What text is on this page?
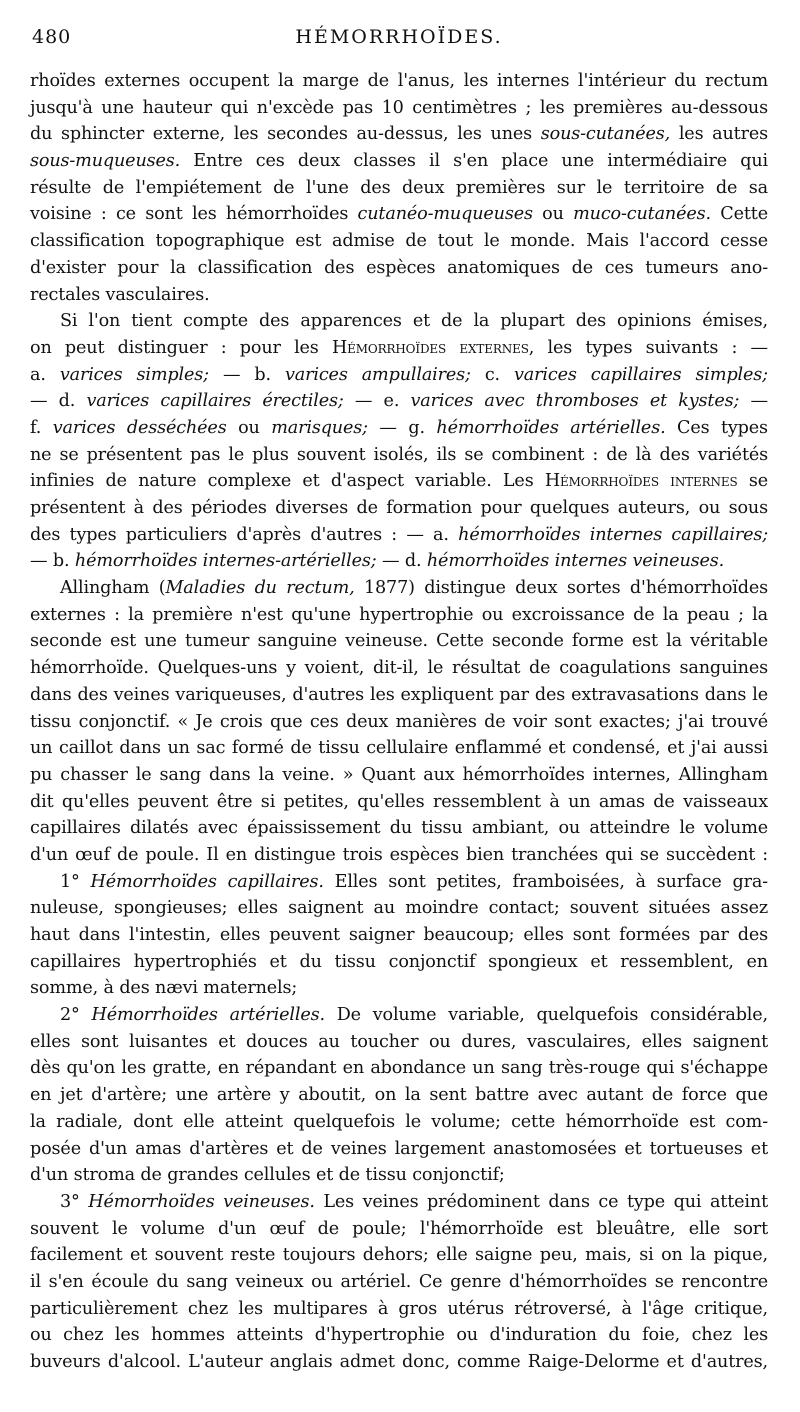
480	HÉMORRHOÏDES.
rhoïdes externes occupent la marge de l'anus, les internes l'intérieur du rectum
jusqu'à une hauteur qui n'excède pas 10 centimètres ; les premières au-dessous
du sphincter externe, les secondes au-dessus, les unes sous-cutanées, les autres
sous-muqueuses. Entre ces deux classes il s'en place une intermédiaire qui
résulte de l'empiétement de l'une des deux premières sur le territoire de sa
voisine : ce sont les hémorrhoïdes cutanéo-muqueuses ou muco-cutanées. Cette
classification topographique est admise de tout le monde. Mais l'accord cesse
d'exister pour la classification des espèces anatomiques de ces tumeurs ano-
rectales vasculaires.
Si l'on tient compte des apparences et de la plupart des opinions émises,
on peut distinguer : pour les Hémorrhoïdes externes, les types suivants : —
a. varices simples; — b. varices ampullaires; c. varices capillaires simples;
— d. varices capillaires érectiles; — e. varices avec thromboses et kystes; —
f. varices desséchées ou marisques; — g. hémorrhoïdes artérielles. Ces types
ne se présentent pas le plus souvent isolés, ils se combinent : de là des variétés
infinies de nature complexe et d'aspect variable. Les Hémorrhoïdes internes se
présentent à des périodes diverses de formation pour quelques auteurs, ou sous
des types particuliers d'après d'autres : — a. hémorrhoïdes internes capillaires;
— b. hémorrhoïdes internes-artérielles; — d. hémorrhoïdes internes veineuses.
Allingham (Maladies du rectum, 1877) distingue deux sortes d'hémorrhoïdes
externes : la première n'est qu'une hypertrophie ou excroissance de la peau ; la
seconde est une tumeur sanguine veineuse. Cette seconde forme est la véritable
hémorrhoïde. Quelques-uns y voient, dit-il, le résultat de coagulations sanguines
dans des veines variqueuses, d'autres les expliquent par des extravasations dans le
tissu conjonctif. « Je crois que ces deux manières de voir sont exactes; j'ai trouvé
un caillot dans un sac formé de tissu cellulaire enflammé et condensé, et j'ai aussi
pu chasser le sang dans la veine. » Quant aux hémorrhoïdes internes, Allingham
dit qu'elles peuvent être si petites, qu'elles ressemblent à un amas de vaisseaux
capillaires dilatés avec épaississement du tissu ambiant, ou atteindre le volume
d'un œuf de poule. Il en distingue trois espèces bien tranchées qui se succèdent :
1° Hémorrhoïdes capillaires. Elles sont petites, framboisées, à surface gra-
nuleuse, spongieuses; elles saignent au moindre contact; souvent situées assez
haut dans l'intestin, elles peuvent saigner beaucoup; elles sont formées par des
capillaires hypertrophiés et du tissu conjonctif spongieux et ressemblent, en
somme, à des nævi maternels;
2° Hémorrhoïdes artérielles. De volume variable, quelquefois considérable,
elles sont luisantes et douces au toucher ou dures, vasculaires, elles saignent
dès qu'on les gratte, en répandant en abondance un sang très-rouge qui s'échappe
en jet d'artère; une artère y aboutit, on la sent battre avec autant de force que
la radiale, dont elle atteint quelquefois le volume; cette hémorrhoïde est com-
posée d'un amas d'artères et de veines largement anastomosées et tortueuses et
d'un stroma de grandes cellules et de tissu conjonctif;
3° Hémorrhoïdes veineuses. Les veines prédominent dans ce type qui atteint
souvent le volume d'un œuf de poule; l'hémorrhoïde est bleuâtre, elle sort
facilement et souvent reste toujours dehors; elle saigne peu, mais, si on la pique,
il s'en écoule du sang veineux ou artériel. Ce genre d'hémorrhoïdes se rencontre
particulièrement chez les multipares à gros utérus rétroversé, à l'âge critique,
ou chez les hommes atteints d'hypertrophie ou d'induration du foie, chez les
buveurs d'alcool. L'auteur anglais admet donc, comme Raige-Delorme et d'autres,
